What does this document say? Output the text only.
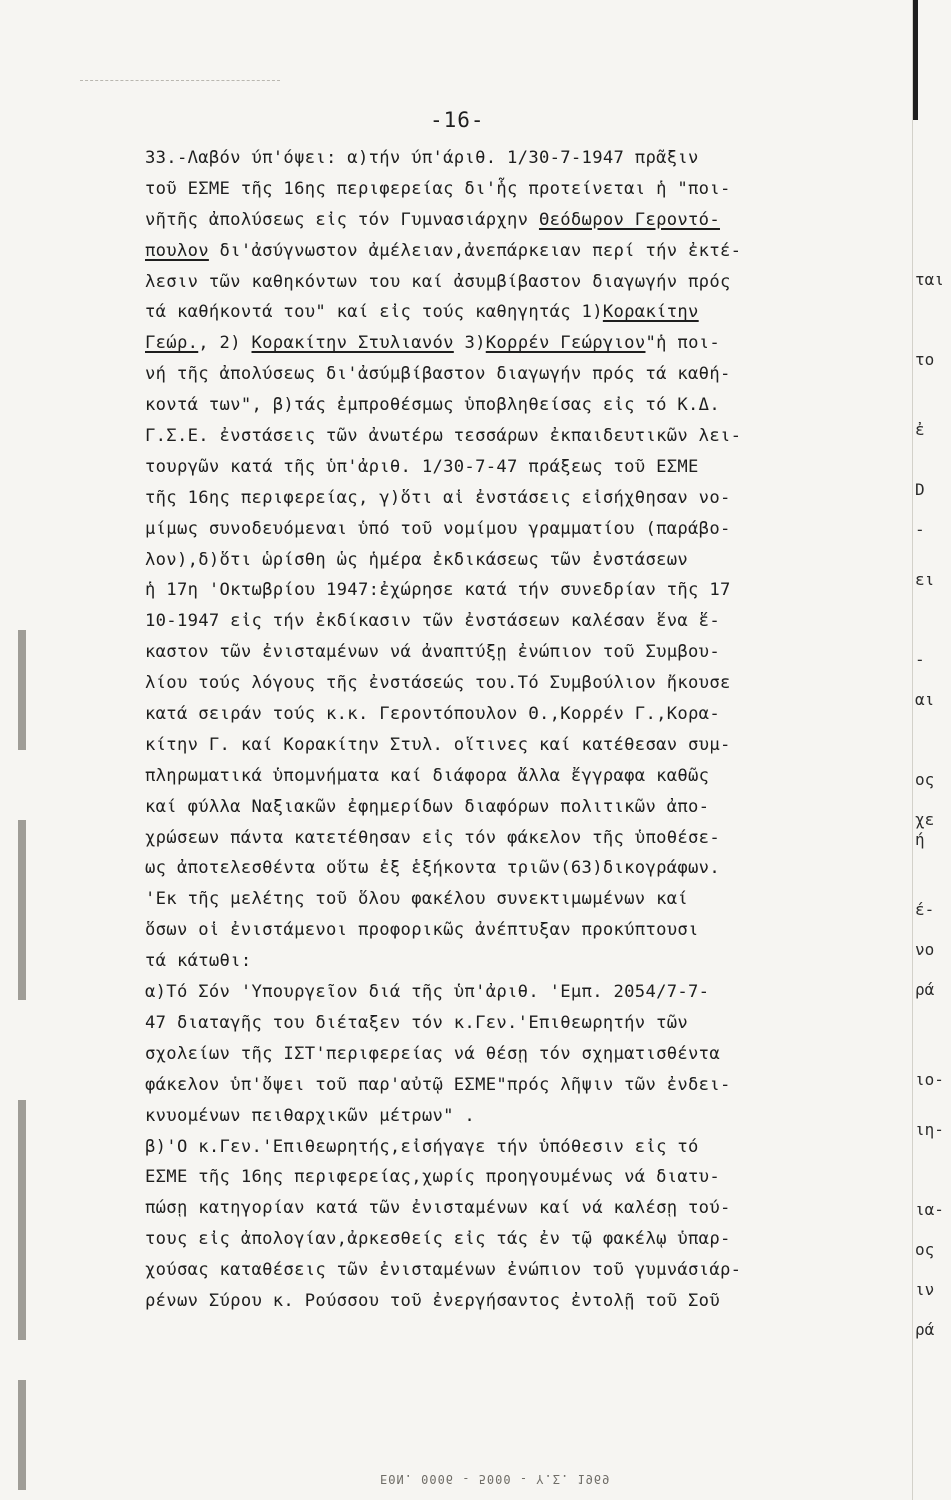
-16-
33.-Λαβόν ύπ'όψει: α)τήν ύπ'άριθ. 1/30-7-1947 πρᾶξιν
τοῦ ΕΣΜΕ τῆς 16ης περιφερείας δι'ἧς προτείνεται ἡ "ποι-
νῆτῆς ἀπολύσεως εἰς τόν Γυμνασιάρχην Θεόδωρον Γεροντό-
πουλον δι'ἀσύγνωστον ἀμέλειαν,ἀνεπάρκειαν περί τήν ἐκτέ-
λεσιν τῶν καθηκόντων του καί ἀσυμβίβαστον διαγωγήν πρός
τά καθήκοντά του" καί εἰς τούς καθηγητάς 1)Κορακίτην
Γεώρ., 2) Κορακίτην Στυλιανόν 3)Κορρέν Γεώργιον"ἡ ποι-
νή τῆς ἀπολύσεως δι'ἀσύμβίβαστον διαγωγήν πρός τά καθή-
κοντά των", β)τάς ἐμπροθέσμως ὑποβληθείσας εἰς τό Κ.Δ.
Γ.Σ.Ε. ἐνστάσεις τῶν ἀνωτέρω τεσσάρων ἐκπαιδευτικῶν λει-
τουργῶν κατά τῆς ὑπ'ἀριθ. 1/30-7-47 πράξεως τοῦ ΕΣΜΕ
τῆς 16ης περιφερείας, γ)ὅτι αἱ ἐνστάσεις εἰσήχθησαν νο-
μίμως συνοδευόμεναι ὑπό τοῦ νομίμου γραμματίου (παράβο-
λον),δ)ὅτι ὡρίσθη ὡς ἡμέρα ἐκδικάσεως τῶν ἐνστάσεων
ἡ 17η 'Οκτωβρίου 1947:ἐχώρησε κατά τήν συνεδρίαν τῆς 17
10-1947 εἰς τήν ἐκδίκασιν τῶν ἐνστάσεων καλέσαν ἕνα ἕ-
καστον τῶν ἐνισταμένων νά ἀναπτύξῃ ἐνώπιον τοῦ Συμβου-
λίου τούς λόγους τῆς ἐνστάσεώς του.Τό Συμβούλιον ἤκουσε
κατά σειράν τούς κ.κ. Γεροντόπουλον Θ.,Κορρέν Γ.,Κορα-
κίτην Γ. καί Κορακίτην Στυλ. οἵτινες καί κατέθεσαν συμ-
πληρωματικά ὑπομνήματα καί διάφορα ἄλλα ἔγγραφα καθῶς
καί φύλλα Ναξιακῶν ἐφημερίδων διαφόρων πολιτικῶν ἀπο-
χρώσεων πάντα κατετέθησαν εἰς τόν φάκελον τῆς ὑποθέσε-
ως ἀποτελεσθέντα οὕτω ἐξ ἑξήκοντα τριῶν(63)δικογράφων.
'Εκ τῆς μελέτης τοῦ ὅλου φακέλου συνεκτιμωμένων καί
ὅσων οἱ ἐνιστάμενοι προφορικῶς ἀνέπτυξαν προκύπτουσι
τά κάτωθι:
α)Τό Σόν 'Υπουργεῖον διά τῆς ὑπ'ἀριθ. 'Εμπ. 2054/7-7-
47 διαταγῆς του διέταξεν τόν κ.Γεν.'Επιθεωρητήν τῶν
σχολείων τῆς ΙΣΤ'περιφερείας νά θέσῃ τόν σχηματισθέντα
φάκελον ὑπ'ὄψει τοῦ παρ'αὐτῷ ΕΣΜΕ"πρός λῆψιν τῶν ἐνδει-
κνυομένων πειθαρχικῶν μέτρων" .
β)'Ο κ.Γεν.'Επιθεωρητής,εἰσήγαγε τήν ὑπόθεσιν εἰς τό
ΕΣΜΕ τῆς 16ης περιφερείας,χωρίς προηγουμένως νά διατυ-
πώσῃ κατηγορίαν κατά τῶν ἐνισταμένων καί νά καλέσῃ τού-
τους εἰς ἀπολογίαν,ἀρκεσθείς εἰς τάς ἐν τῷ φακέλῳ ὑπαρ-
χούσας καταθέσεις τῶν ἐνισταμένων ἐνώπιον τοῦ γυμνάσιάρ-
ρένων Σύρου κ. Ρούσσου τοῦ ἐνεργήσαντος ἐντολῇ τοῦ Σοῦ
ται
τo
ἐ
D
-
ει
-
αι
ος
χε
ή
έ-
νο
ρά
ιο-
ιη-
ια-
ος
ιν
ρά
ΕΘΝ. 0006 - 5000 - Υ.Σ. 1969
